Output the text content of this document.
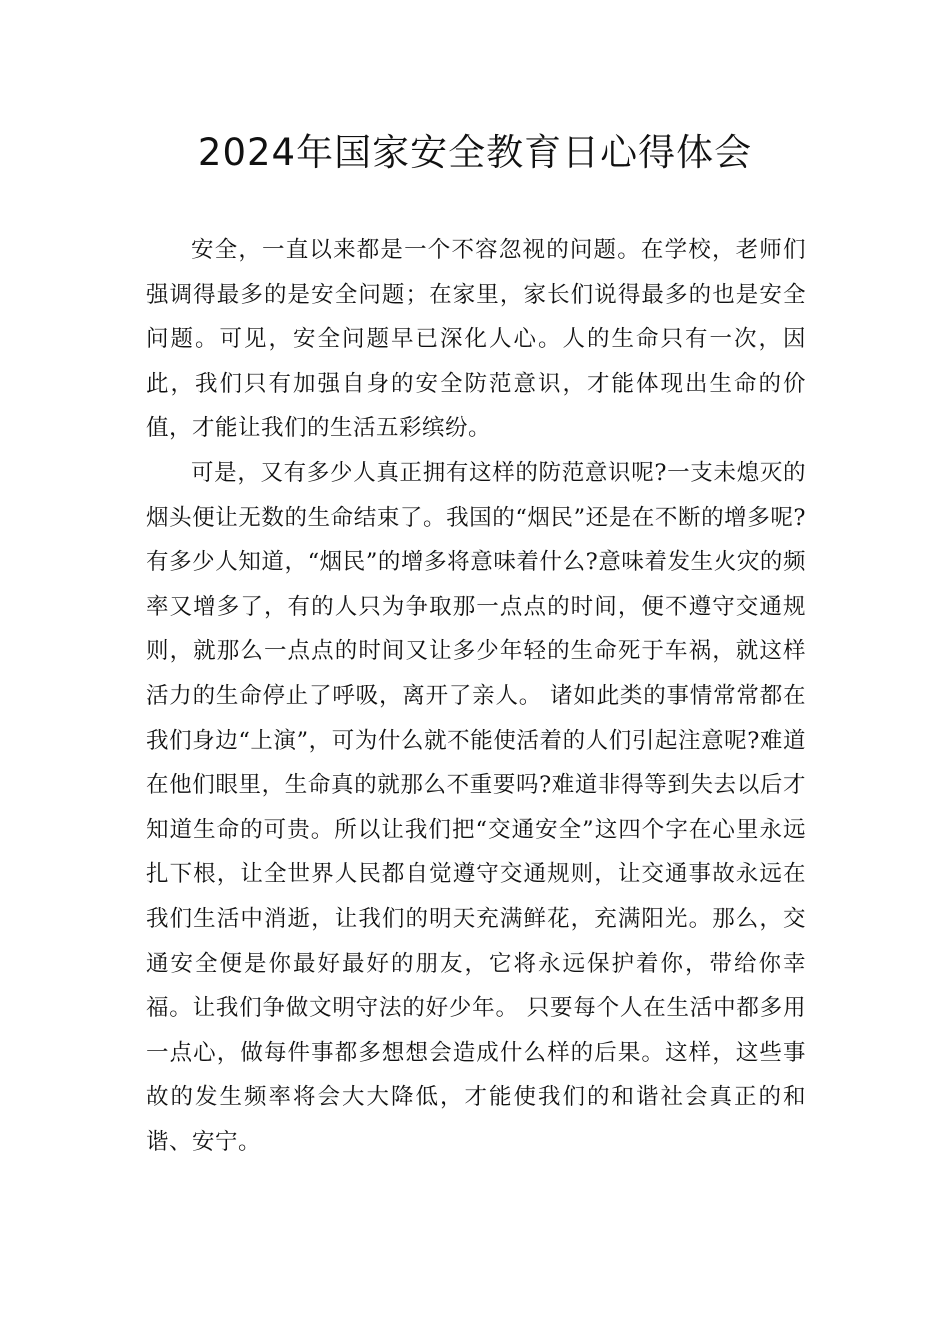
2024年国家安全教育日心得体会

安全，一直以来都是一个不容忽视的问题。在学校，老师们强调得最多的是安全问题；在家里，家长们说得最多的也是安全问题。可见，安全问题早已深化人心。人的生命只有一次，因此，我们只有加强自身的安全防范意识，才能体现出生命的价值，才能让我们的生活五彩缤纷。

可是，又有多少人真正拥有这样的防范意识呢?一支未熄灭的烟头便让无数的生命结束了。我国的“烟民”还是在不断的增多呢?有多少人知道，“烟民”的增多将意味着什么?意味着发生火灾的频率又增多了，有的人只为争取那一点点的时间，便不遵守交通规则，就那么一点点的时间又让多少年轻的生命死于车祸，就这样活力的生命停止了呼吸，离开了亲人。 诸如此类的事情常常都在我们身边“上演”，可为什么就不能使活着的人们引起注意呢?难道在他们眼里，生命真的就那么不重要吗?难道非得等到失去以后才知道生命的可贵。所以让我们把“交通安全”这四个字在心里永远扎下根，让全世界人民都自觉遵守交通规则，让交通事故永远在我们生活中消逝，让我们的明天充满鲜花，充满阳光。那么，交通安全便是你最好最好的朋友，它将永远保护着你，带给你幸福。让我们争做文明守法的好少年。 只要每个人在生活中都多用一点心，做每件事都多想想会造成什么样的后果。这样，这些事故的发生频率将会大大降低，才能使我们的和谐社会真正的和谐、安宁。
